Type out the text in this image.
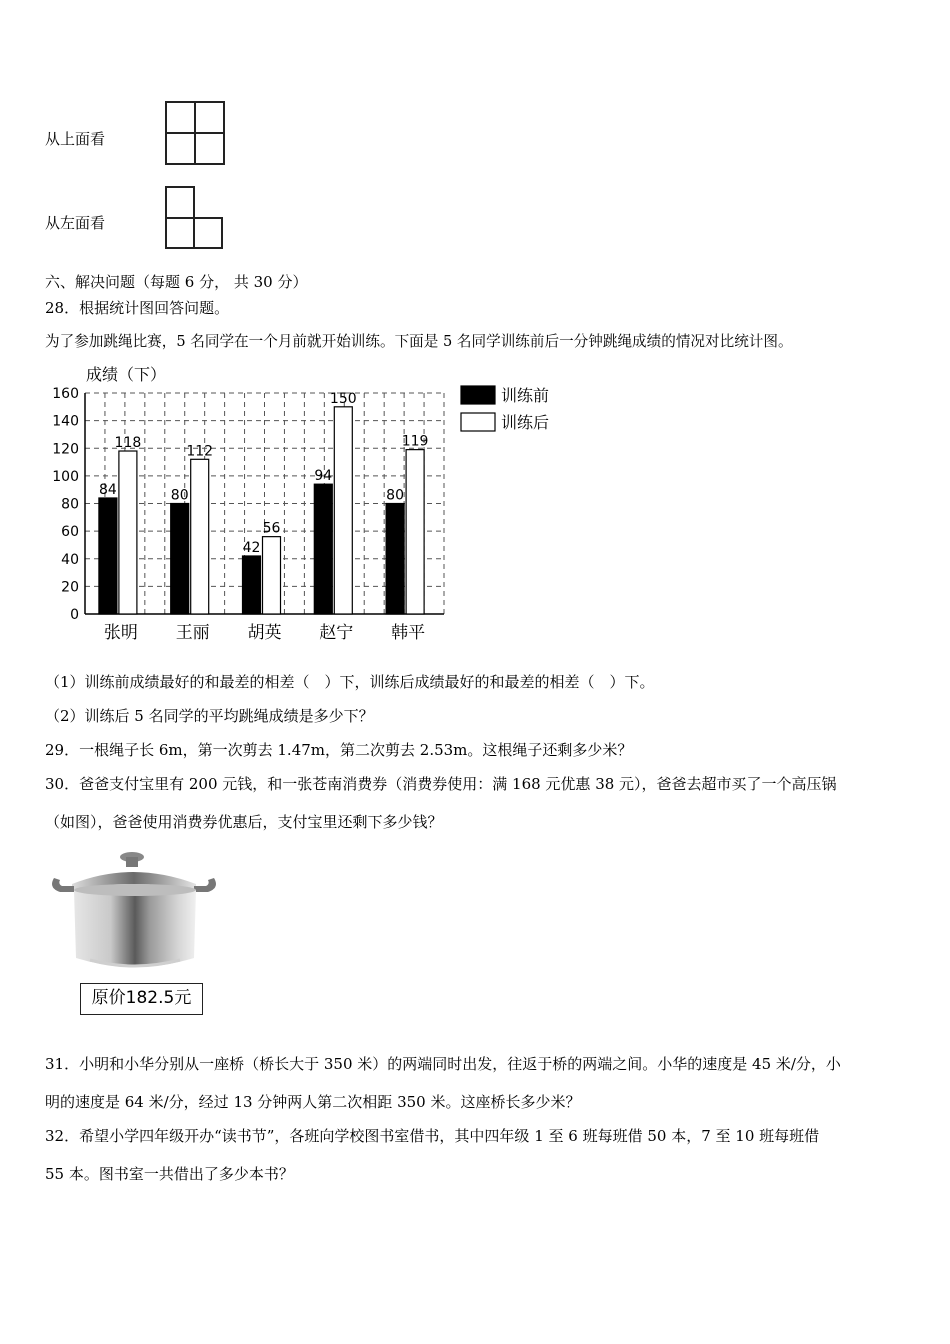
从上面看
从左面看
六、解决问题（每题 6 分， 共 30 分）
28．根据统计图回答问题。
为了参加跳绳比赛，5 名同学在一个月前就开始训练。下面是 5 名同学训练前后一分钟跳绳成绩的情况对比统计图。
成绩（下）
0
20
40
60
80
100
120
140
160
84
118
张明
80
112
王丽
42
56
胡英
94
150
赵宁
80
119
韩平
训练前
训练后
（1）训练前成绩最好的和最差的相差（　）下，训练后成绩最好的和最差的相差（　）下。
（2）训练后 5 名同学的平均跳绳成绩是多少下？
29．一根绳子长 6m，第一次剪去 1.47m，第二次剪去 2.53m。这根绳子还剩多少米？
30．爸爸支付宝里有 200 元钱，和一张苍南消费券（消费券使用：满 168 元优惠 38 元），爸爸去超市买了一个高压锅
（如图），爸爸使用消费券优惠后，支付宝里还剩下多少钱？
原价182.5元
31．小明和小华分别从一座桥（桥长大于 350 米）的两端同时出发，往返于桥的两端之间。小华的速度是 45 米/分，小
明的速度是 64 米/分，经过 13 分钟两人第二次相距 350 米。这座桥长多少米？
32．希望小学四年级开办“读书节”，各班向学校图书室借书，其中四年级 1 至 6 班每班借 50 本，7 至 10 班每班借
55 本。图书室一共借出了多少本书？
